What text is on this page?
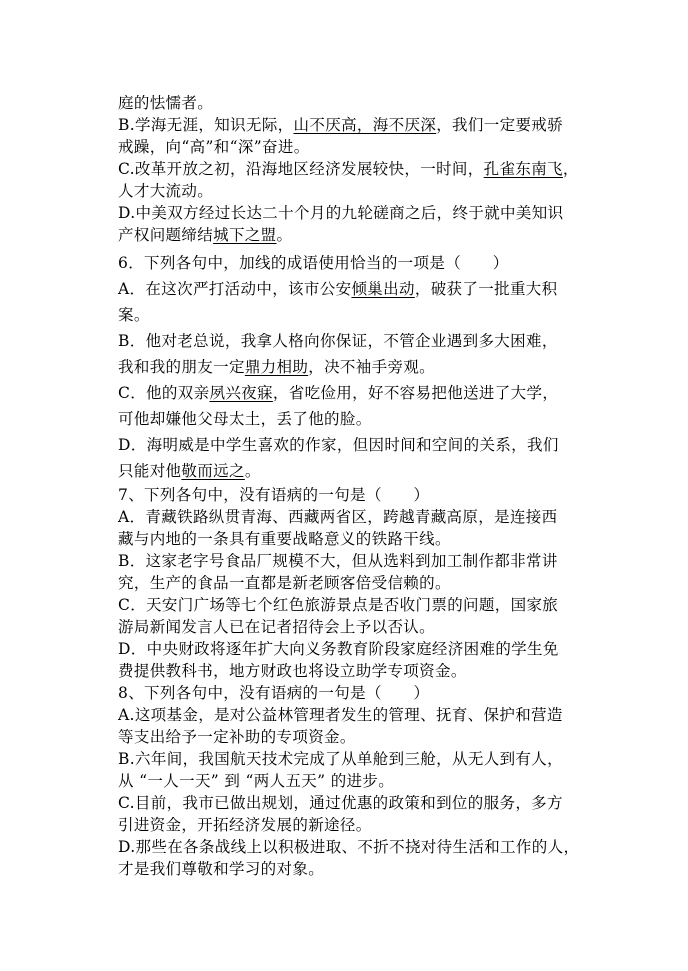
庭的怯懦者。
B.学海无涯，知识无际，山不厌高，海不厌深，我们一定要戒骄
戒躁，向“高”和“深”奋进。
C.改革开放之初，沿海地区经济发展较快，一时间，孔雀东南飞，
人才大流动。
D.中美双方经过长达二十个月的九轮磋商之后，终于就中美知识
产权问题缔结城下之盟。
6．下列各句中，加线的成语使用恰当的一项是（　　）
A．在这次严打活动中，该市公安倾巢出动，破获了一批重大积
案。
B．他对老总说，我拿人格向你保证，不管企业遇到多大困难，
我和我的朋友一定鼎力相助，决不袖手旁观。
C．他的双亲夙兴夜寐，省吃俭用，好不容易把他送进了大学，
可他却嫌他父母太土，丢了他的脸。
D．海明威是中学生喜欢的作家，但因时间和空间的关系，我们
只能对他敬而远之。
7、下列各句中，没有语病的一句是（　　）
A．青藏铁路纵贯青海、西藏两省区，跨越青藏高原，是连接西
藏与内地的一条具有重要战略意义的铁路干线。
B．这家老字号食品厂规模不大，但从选料到加工制作都非常讲
究，生产的食品一直都是新老顾客倍受信赖的。
C．天安门广场等七个红色旅游景点是否收门票的问题，国家旅
游局新闻发言人已在记者招待会上予以否认。
D．中央财政将逐年扩大向义务教育阶段家庭经济困难的学生免
费提供教科书，地方财政也将设立助学专项资金。
8、下列各句中，没有语病的一句是（　　）
A.这项基金，是对公益林管理者发生的管理、抚育、保护和营造
等支出给予一定补助的专项资金。
B.六年间，我国航天技术完成了从单舱到三舱，从无人到有人，
从 “一人一天” 到 “两人五天” 的进步。
C.目前，我市已做出规划，通过优惠的政策和到位的服务，多方
引进资金，开拓经济发展的新途径。
D.那些在各条战线上以积极进取、不折不挠对待生活和工作的人，
才是我们尊敬和学习的对象。
